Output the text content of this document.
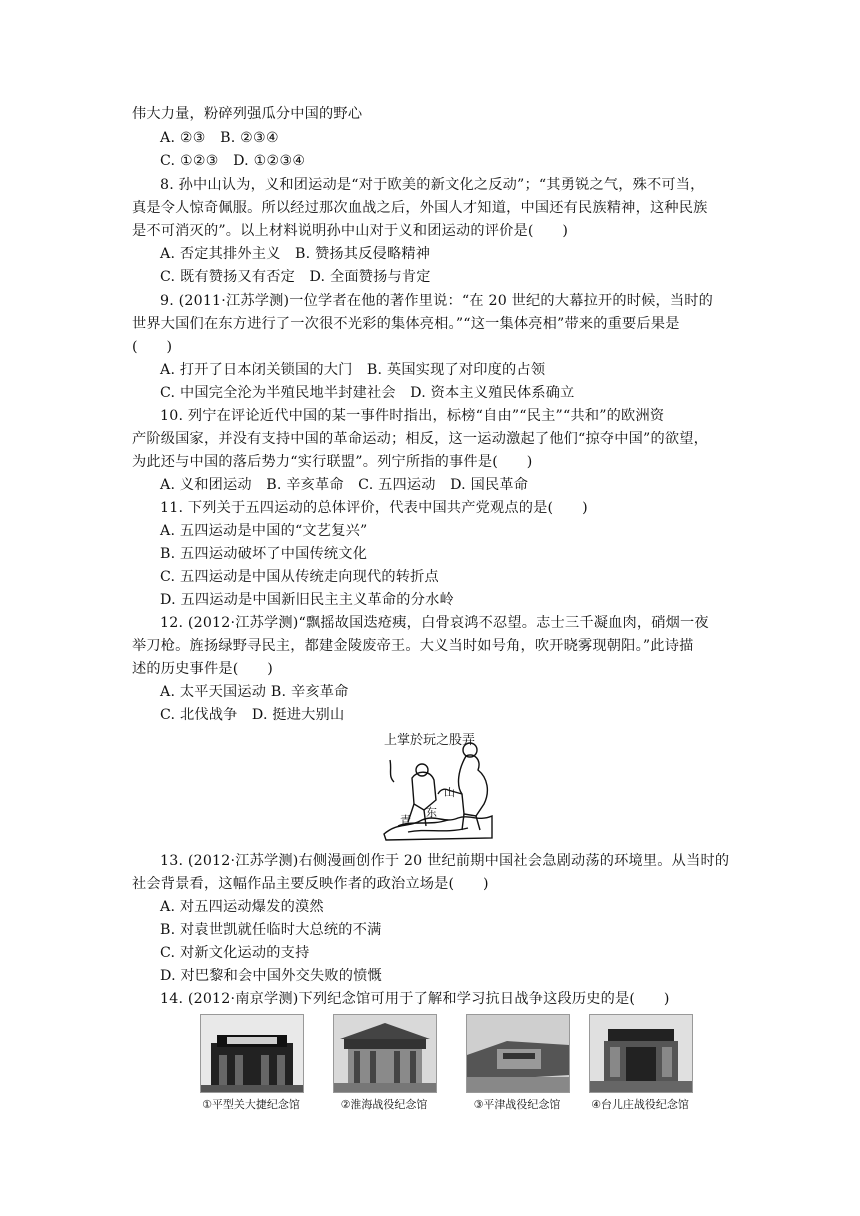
伟大力量，粉碎列强瓜分中国的野心
A. ②③　B. ②③④
C. ①②③　D. ①②③④
8. 孙中山认为，义和团运动是“对于欧美的新文化之反动”；“其勇锐之气，殊不可当，
真是令人惊奇佩服。所以经过那次血战之后，外国人才知道，中国还有民族精神，这种民族
是不可消灭的”。以上材料说明孙中山对于义和团运动的评价是(　　)
A. 否定其排外主义　B. 赞扬其反侵略精神
C. 既有赞扬又有否定　D. 全面赞扬与肯定
9. (2011·江苏学测)一位学者在他的著作里说：“在 20 世纪的大幕拉开的时候，当时的
世界大国们在东方进行了一次很不光彩的集体亮相。”“这一集体亮相”带来的重要后果是
(　　)
A. 打开了日本闭关锁国的大门　B. 英国实现了对印度的占领
C. 中国完全沦为半殖民地半封建社会　D. 资本主义殖民体系确立
10. 列宁在评论近代中国的某一事件时指出，标榜“自由”“民主”“共和”的欧洲资
产阶级国家，并没有支持中国的革命运动；相反，这一运动激起了他们“掠夺中国”的欲望，
为此还与中国的落后势力“实行联盟”。列宁所指的事件是(　　)
A. 义和团运动　B. 辛亥革命　C. 五四运动　D. 国民革命
11. 下列关于五四运动的总体评价，代表中国共产党观点的是(　　)
A. 五四运动是中国的“文艺复兴”
B. 五四运动破坏了中国传统文化
C. 五四运动是中国从传统走向现代的转折点
D. 五四运动是中国新旧民主主义革命的分水岭
12. (2012·江苏学测)“飘摇故国迭疮痍，白骨哀鸿不忍望。志士三千凝血肉，硝烟一夜
举刀枪。旌扬绿野寻民主，都建金陵废帝王。大义当时如号角，吹开晓雾现朝阳。”此诗描
述的历史事件是(　　)
A. 太平天国运动 B. 辛亥革命
C. 北伐战争　D. 挺进大别山
上掌於玩之股弄
山
东
青
13. (2012·江苏学测)右侧漫画创作于 20 世纪前期中国社会急剧动荡的环境里。从当时的
社会背景看，这幅作品主要反映作者的政治立场是(　　)
A. 对五四运动爆发的漠然
B. 对袁世凯就任临时大总统的不满
C. 对新文化运动的支持
D. 对巴黎和会中国外交失败的愤慨
14. (2012·南京学测)下列纪念馆可用于了解和学习抗日战争这段历史的是(　　)
①平型关大捷纪念馆	②淮海战役纪念馆	③平津战役纪念馆	④台儿庄战役纪念馆
